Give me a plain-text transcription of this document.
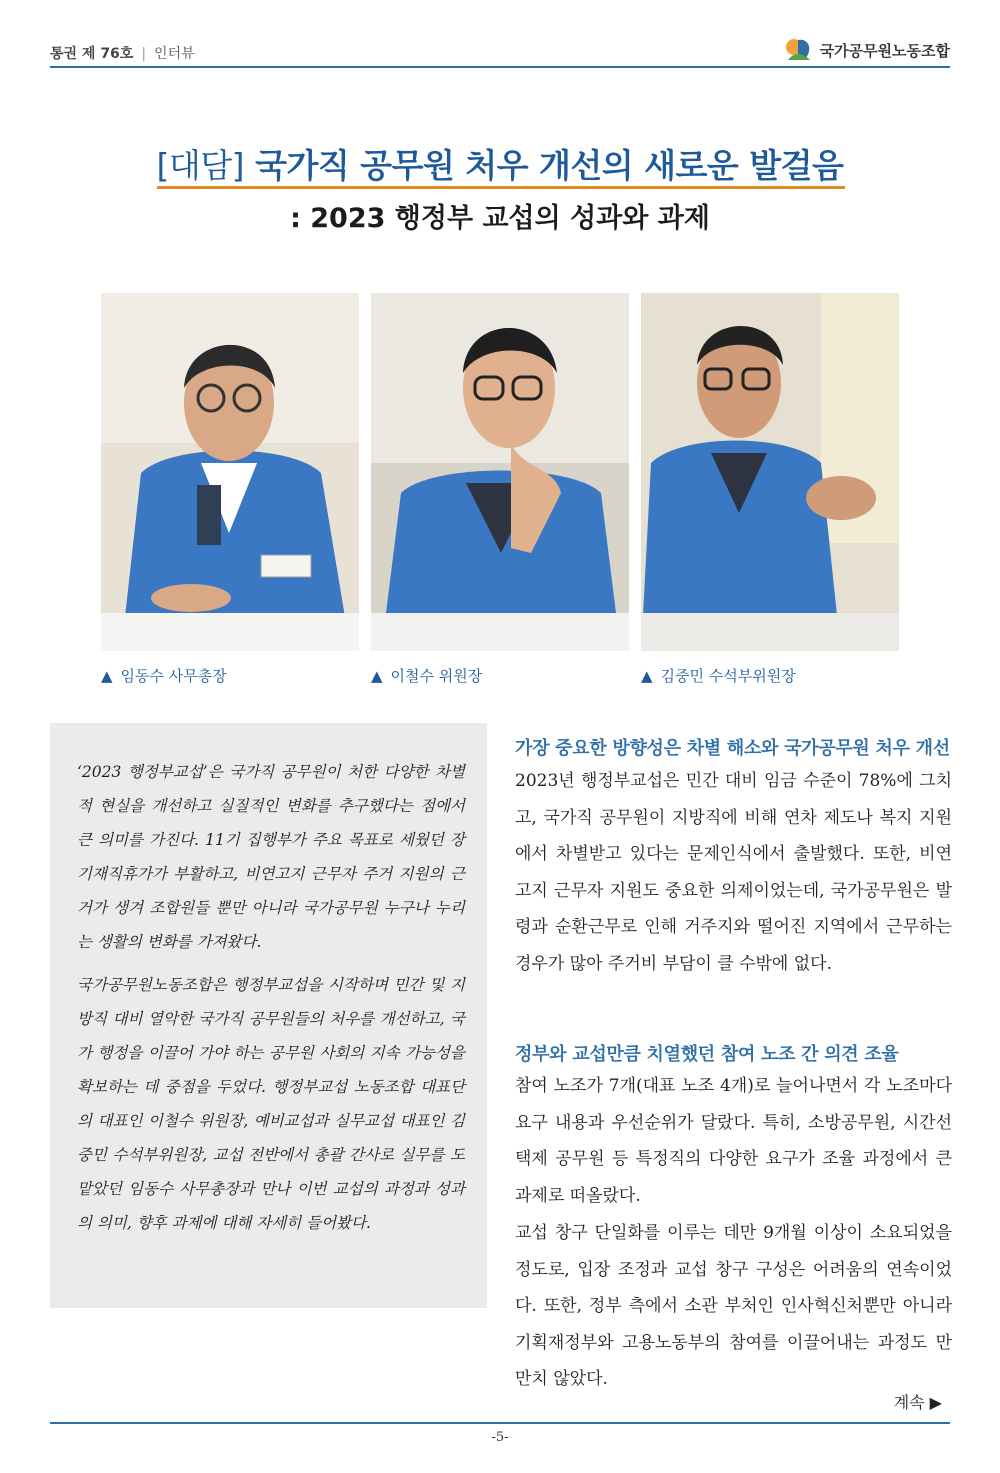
통권 제 76호 | 인터뷰	국가공무원노동조합
[대담] 국가직 공무원 처우 개선의 새로운 발걸음
: 2023 행정부 교섭의 성과와 과제
▲ 임동수 사무총장	▲ 이철수 위원장	▲ 김중민 수석부위원장

‘2023 행정부교섭’은 국가직 공무원이 처한 다양한 차별적 현실을 개선하고 실질적인 변화를 추구했다는 점에서 큰 의미를 가진다. 11기 집행부가 주요 목표로 세웠던 장기재직휴가가 부활하고, 비연고지 근무자 주거 지원의 근거가 생겨 조합원들 뿐만 아니라 국가공무원 누구나 누리는 생활의 변화를 가져왔다.

국가공무원노동조합은 행정부교섭을 시작하며 민간 및 지방직 대비 열악한 국가직 공무원들의 처우를 개선하고, 국가 행정을 이끌어 가야 하는 공무원 사회의 지속 가능성을 확보하는 데 중점을 두었다. 행정부교섭 노동조합 대표단의 대표인 이철수 위원장, 예비교섭과 실무교섭 대표인 김중민 수석부위원장, 교섭 전반에서 총괄 간사로 실무를 도맡았던 임동수 사무총장과 만나 이번 교섭의 과정과 성과의 의미, 향후 과제에 대해 자세히 들어봤다.

가장 중요한 방향성은 차별 해소와 국가공무원 처우 개선

2023년 행정부교섭은 민간 대비 임금 수준이 78%에 그치고, 국가직 공무원이 지방직에 비해 연차 제도나 복지 지원에서 차별받고 있다는 문제인식에서 출발했다. 또한, 비연고지 근무자 지원도 중요한 의제이었는데, 국가공무원은 발령과 순환근무로 인해 거주지와 떨어진 지역에서 근무하는 경우가 많아 주거비 부담이 클 수밖에 없다.

정부와 교섭만큼 치열했던 참여 노조 간 의견 조율

참여 노조가 7개(대표 노조 4개)로 늘어나면서 각 노조마다 요구 내용과 우선순위가 달랐다. 특히, 소방공무원, 시간선택제 공무원 등 특정직의 다양한 요구가 조율 과정에서 큰 과제로 떠올랐다.

교섭 창구 단일화를 이루는 데만 9개월 이상이 소요되었을 정도로, 입장 조정과 교섭 창구 구성은 어려움의 연속이었다. 또한, 정부 측에서 소관 부처인 인사혁신처뿐만 아니라 기획재정부와 고용노동부의 참여를 이끌어내는 과정도 만만치 않았다.

계속 ▶
-5-
